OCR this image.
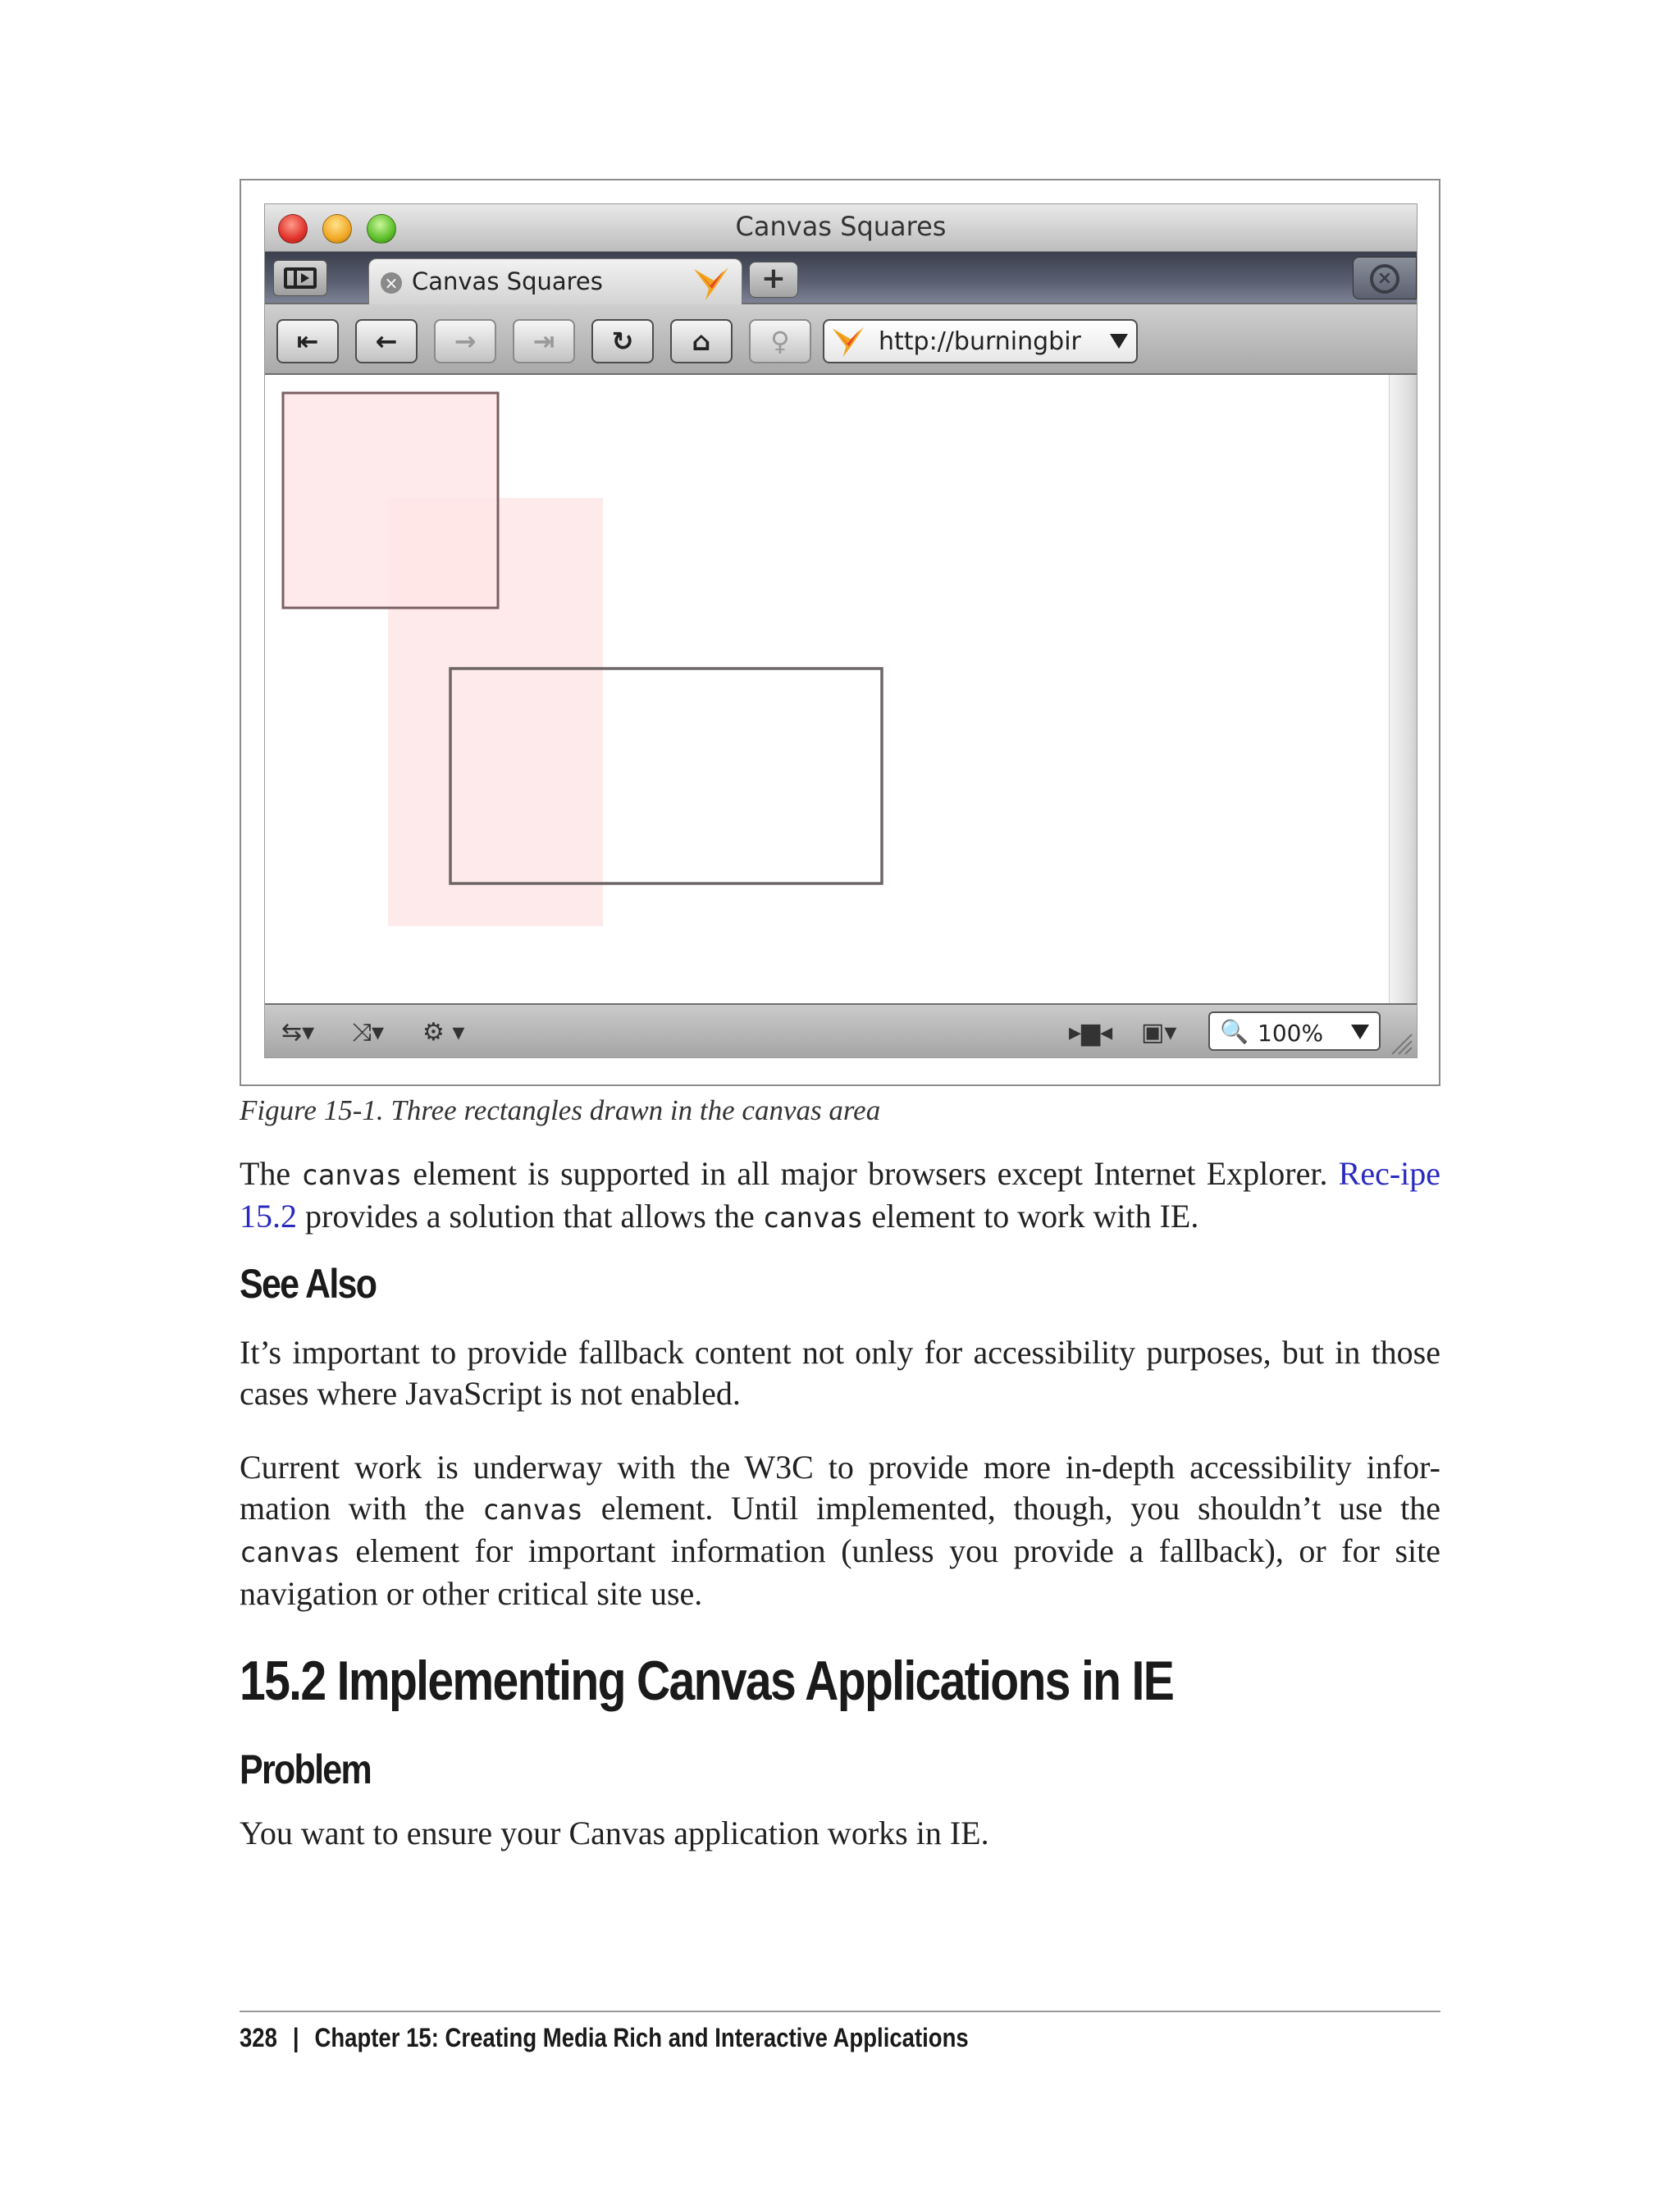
Canvas Squares
× Canvas Squares	+	×
⇤	←	→	⇥	↻	⌂	♀	http://burningbir
⇆▾ ⤨▾ ⚙ ▾	▸▆◂ ▣▾ 🔍 100%
Figure 15-1. Three rectangles drawn in the canvas area
The canvas element is supported in all major browsers except Internet Explorer. Rec-ipe 15.2 provides a solution that allows the canvas element to work with IE.
See Also
It’s important to provide fallback content not only for accessibility purposes, but in those cases where JavaScript is not enabled.
Current work is underway with the W3C to provide more in-depth accessibility infor-mation with the canvas element. Until implemented, though, you shouldn’t use the canvas element for important information (unless you provide a fallback), or for site navigation or other critical site use.
15.2 Implementing Canvas Applications in IE
Problem
You want to ensure your Canvas application works in IE.
328 | Chapter 15: Creating Media Rich and Interactive Applications
